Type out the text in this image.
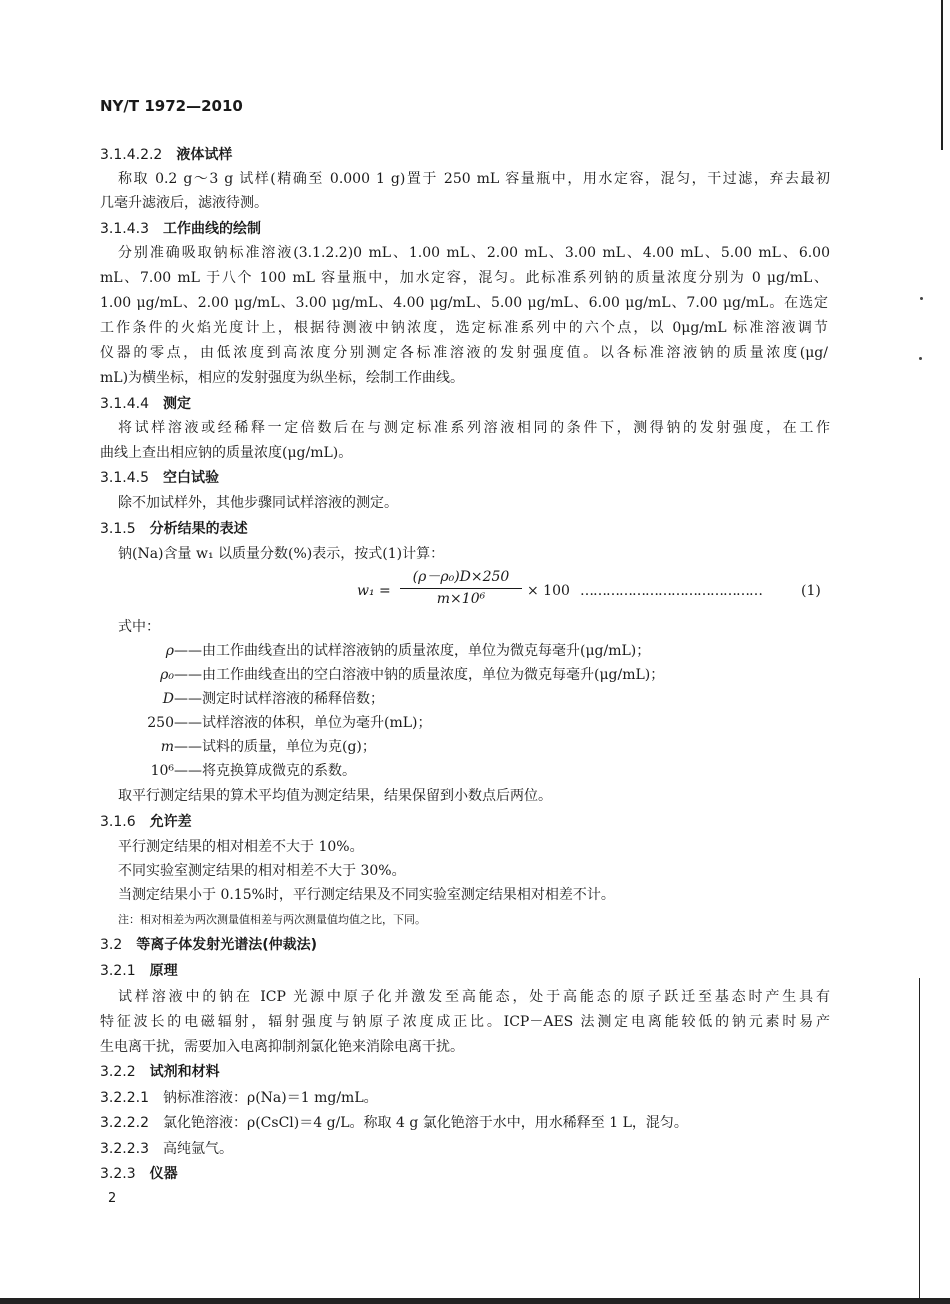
NY/T 1972—2010
3.1.4.2.2 液体试样
称取 0.2 g～3 g 试样(精确至 0.000 1 g)置于 250 mL 容量瓶中，用水定容，混匀，干过滤，弃去最初
几毫升滤液后，滤液待测。
3.1.4.3 工作曲线的绘制
分别准确吸取钠标准溶液(3.1.2.2)0 mL、1.00 mL、2.00 mL、3.00 mL、4.00 mL、5.00 mL、6.00
mL、7.00 mL 于八个 100 mL 容量瓶中，加水定容，混匀。此标准系列钠的质量浓度分别为 0 μg/mL、
1.00 μg/mL、2.00 μg/mL、3.00 μg/mL、4.00 μg/mL、5.00 μg/mL、6.00 μg/mL、7.00 μg/mL。在选定
工作条件的火焰光度计上，根据待测液中钠浓度，选定标准系列中的六个点，以 0μg/mL 标准溶液调节
仪器的零点，由低浓度到高浓度分别测定各标准溶液的发射强度值。以各标准溶液钠的质量浓度(μg/
mL)为横坐标，相应的发射强度为纵坐标，绘制工作曲线。
3.1.4.4 测定
将试样溶液或经稀释一定倍数后在与测定标准系列溶液相同的条件下，测得钠的发射强度，在工作
曲线上查出相应钠的质量浓度(μg/mL)。
3.1.4.5 空白试验
除不加试样外，其他步骤同试样溶液的测定。
3.1.5 分析结果的表述
钠(Na)含量 w₁ 以质量分数(%)表示，按式(1)计算：
w₁ =
(ρ－ρ₀)D×250
m×10⁶	× 100 ……………………………………	(1)
式中：
ρ——由工作曲线查出的试样溶液钠的质量浓度，单位为微克每毫升(μg/mL)；
ρ₀——由工作曲线查出的空白溶液中钠的质量浓度，单位为微克每毫升(μg/mL)；
D——测定时试样溶液的稀释倍数；
250——试样溶液的体积，单位为毫升(mL)；
m——试料的质量，单位为克(g)；
10⁶——将克换算成微克的系数。
取平行测定结果的算术平均值为测定结果，结果保留到小数点后两位。
3.1.6 允许差
平行测定结果的相对相差不大于 10%。
不同实验室测定结果的相对相差不大于 30%。
当测定结果小于 0.15%时，平行测定结果及不同实验室测定结果相对相差不计。
注：相对相差为两次测量值相差与两次测量值均值之比，下同。
3.2 等离子体发射光谱法(仲裁法)
3.2.1 原理
试样溶液中的钠在 ICP 光源中原子化并激发至高能态，处于高能态的原子跃迁至基态时产生具有
特征波长的电磁辐射，辐射强度与钠原子浓度成正比。ICP－AES 法测定电离能较低的钠元素时易产
生电离干扰，需要加入电离抑制剂氯化铯来消除电离干扰。
3.2.2 试剂和材料
3.2.2.1 钠标准溶液：ρ(Na)＝1 mg/mL。
3.2.2.2 氯化铯溶液：ρ(CsCl)＝4 g/L。称取 4 g 氯化铯溶于水中，用水稀释至 1 L，混匀。
3.2.2.3 高纯氩气。
3.2.3 仪器
2
